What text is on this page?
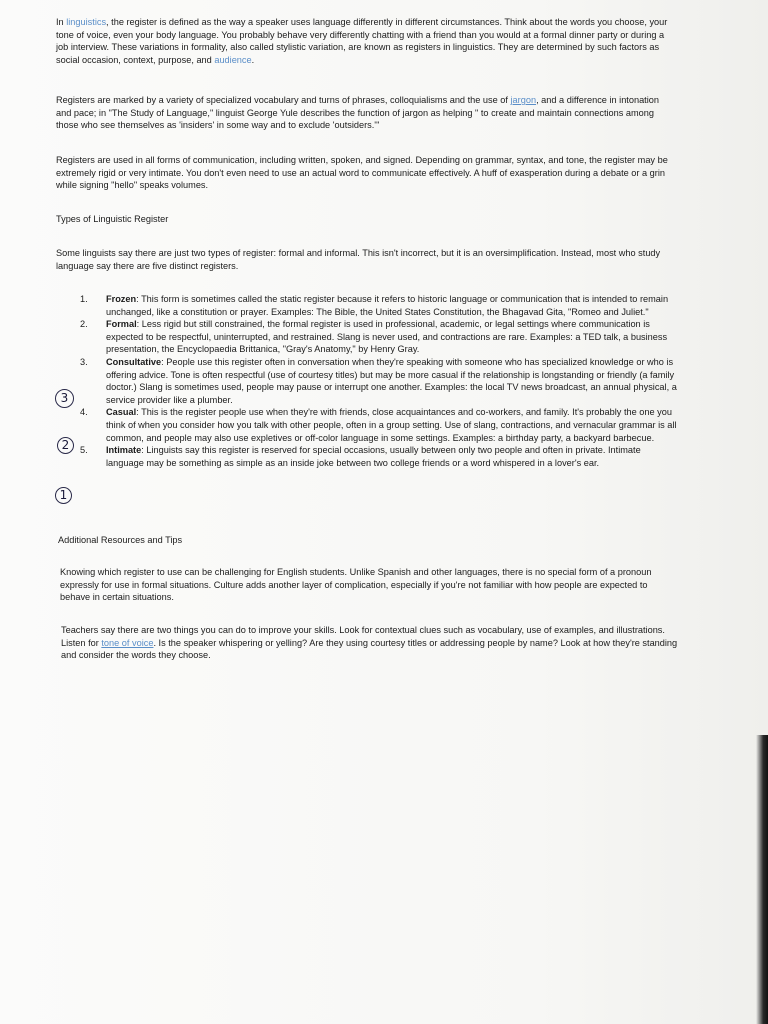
In linguistics, the register is defined as the way a speaker uses language differently in different circumstances. Think about the words you choose, your tone of voice, even your body language. You probably behave very differently chatting with a friend than you would at a formal dinner party or during a job interview. These variations in formality, also called stylistic variation, are known as registers in linguistics. They are determined by such factors as social occasion, context, purpose, and audience.

Registers are marked by a variety of specialized vocabulary and turns of phrases, colloquialisms and the use of jargon, and a difference in intonation and pace; in "The Study of Language," linguist George Yule describes the function of jargon as helping " to create and maintain connections among those who see themselves as 'insiders' in some way and to exclude 'outsiders.'"

Registers are used in all forms of communication, including written, spoken, and signed. Depending on grammar, syntax, and tone, the register may be extremely rigid or very intimate. You don't even need to use an actual word to communicate effectively. A huff of exasperation during a debate or a grin while signing "hello" speaks volumes.

Types of Linguistic Register

Some linguists say there are just two types of register: formal and informal. This isn't incorrect, but it is an oversimplification. Instead, most who study language say there are five distinct registers.

1. Frozen: This form is sometimes called the static register because it refers to historic language or communication that is intended to remain unchanged, like a constitution or prayer. Examples: The Bible, the United States Constitution, the Bhagavad Gita, "Romeo and Juliet."
2. Formal: Less rigid but still constrained, the formal register is used in professional, academic, or legal settings where communication is expected to be respectful, uninterrupted, and restrained. Slang is never used, and contractions are rare. Examples: a TED talk, a business presentation, the Encyclopaedia Brittanica, "Gray's Anatomy," by Henry Gray.
3. Consultative: People use this register often in conversation when they're speaking with someone who has specialized knowledge or who is offering advice. Tone is often respectful (use of courtesy titles) but may be more casual if the relationship is longstanding or friendly (a family doctor.) Slang is sometimes used, people may pause or interrupt one another. Examples: the local TV news broadcast, an annual physical, a service provider like a plumber.
4. Casual: This is the register people use when they're with friends, close acquaintances and co-workers, and family. It's probably the one you think of when you consider how you talk with other people, often in a group setting. Use of slang, contractions, and vernacular grammar is all common, and people may also use expletives or off-color language in some settings. Examples: a birthday party, a backyard barbecue.
5. Intimate: Linguists say this register is reserved for special occasions, usually between only two people and often in private. Intimate language may be something as simple as an inside joke between two college friends or a word whispered in a lover's ear.

Additional Resources and Tips

Knowing which register to use can be challenging for English students. Unlike Spanish and other languages, there is no special form of a pronoun expressly for use in formal situations. Culture adds another layer of complication, especially if you're not familiar with how people are expected to behave in certain situations.

Teachers say there are two things you can do to improve your skills. Look for contextual clues such as vocabulary, use of examples, and illustrations. Listen for tone of voice. Is the speaker whispering or yelling? Are they using courtesy titles or addressing people by name? Look at how they're standing and consider the words they choose.

3
2
1
